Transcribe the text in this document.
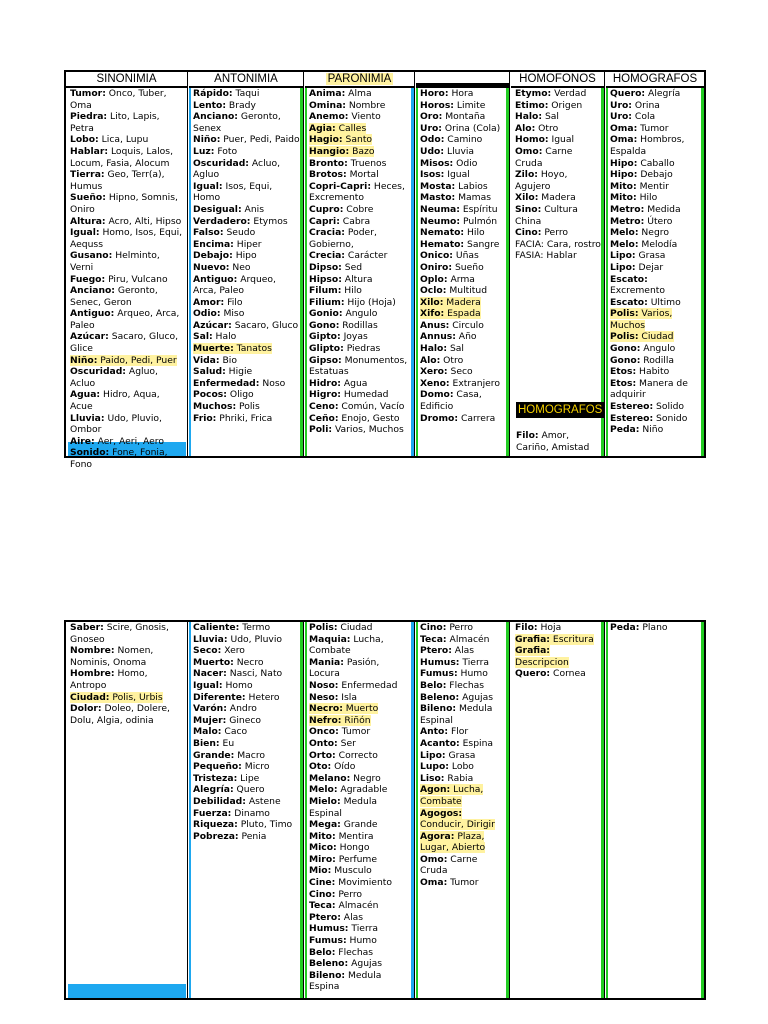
SINONIMIA
Tumor: Onco, Tuber, Oma
Piedra: Lito, Lapis, Petra
Lobo: Lica, Lupu
Hablar: Loquis, Lalos, Locum, Fasia, Alocum
Tierra: Geo, Terr(a), Humus
Sueño: Hipno, Somnis, Oniro
Altura: Acro, Alti, Hipso
Igual: Homo, Isos, Equi, Aequss
Gusano: Helminto, Verni
Fuego: Piru, Vulcano
Anciano: Geronto, Senec, Geron
Antiguo: Arqueo, Arca, Paleo
Azúcar: Sacaro, Gluco, Glice
Niño: Paido, Pedi, Puer
Oscuridad: Agluo, Acluo
Agua: Hidro, Aqua, Acue
Lluvia: Udo, Pluvio, Ombor
Aire: Aer, Aeri, Aero
Sonido: Fone, Fonia, Fono
ANTONIMIA
Rápido: Taqui
Lento: Brady
Anciano: Geronto, Senex
Niño: Puer, Pedi, Paido
Luz: Foto
Oscuridad: Acluo, Agluo
Igual: Isos, Equi, Homo
Desigual: Anis
Verdadero: Etymos
Falso: Seudo
Encima: Hiper
Debajo: Hipo
Nuevo: Neo
Antiguo: Arqueo, Arca, Paleo
Amor: Filo
Odio: Miso
Azúcar: Sacaro, Gluco
Sal: Halo
Muerte: Tanatos
Vida: Bio
Salud: Higie
Enfermedad: Noso
Pocos: Oligo
Muchos: Polis
Frio: Phriki, Frica
PARONIMIA
Anima: Alma
Omina: Nombre
Anemo: Viento
Agia: Calles
Hagio: Santo
Hangio: Bazo
Bronto: Truenos
Brotos: Mortal
Copri-Capri: Heces, Excremento
Cupro: Cobre
Capri: Cabra
Cracia: Poder, Gobierno,
Crecia: Carácter
Dipso: Sed
Hipso: Altura
Filum: Hilo
Filium: Hijo (Hoja)
Gonio: Angulo
Gono: Rodillas
Gipto: Joyas
Glipto: Piedras
Gipso: Monumentos, Estatuas
Hidro: Agua
Higro: Humedad
Ceno: Común, Vacío
Ceño: Enojo, Gesto
Poli: Varios, Muchos
Horo: Hora
Horos: Limite
Oro: Montaña
Uro: Orina (Cola)
Odo: Camino
Udo: Lluvia
Misos: Odio
Isos: Igual
Mosta: Labios
Masto: Mamas
Neuma: Espíritu
Neumo: Pulmón
Nemato: Hilo
Hemato: Sangre
Onico: Uñas
Oniro: Sueño
Oplo: Arma
Oclo: Multitud
Xilo: Madera
Xifo: Espada
Anus: Circulo
Annus: Año
Halo: Sal
Alo: Otro
Xero: Seco
Xeno: Extranjero
Domo: Casa, Edificio
Dromo: Carrera
HOMOFONOS
Etymo: Verdad
Etimo: Origen
Halo: Sal
Alo: Otro
Homo: Igual
Omo: Carne Cruda
Zilo: Hoyo, Agujero
Xilo: Madera
Sino: Cultura China
Cino: Perro
FACIA: Cara, rostro
FASIA: Hablar
HOMOGRAFOS
Filo: Amor, Cariño, Amistad
HOMOGRAFOS
Quero: Alegría
Uro: Orina
Uro: Cola
Oma: Tumor
Oma: Hombros, Espalda
Hipo: Caballo
Hipo: Debajo
Mito: Mentir
Mito: Hilo
Metro: Medida
Metro: Útero
Melo: Negro
Melo: Melodía
Lipo: Grasa
Lipo: Dejar
Escato: Excremento
Escato: Ultimo
Polis: Varios, Muchos
Polis: Ciudad
Gono: Angulo
Gono: Rodilla
Etos: Habito
Etos: Manera de adquirir
Estereo: Solido
Estereo: Sonido
Peda: Niño
Saber: Scire, Gnosis, Gnoseo
Nombre: Nomen, Nominis, Onoma
Hombre: Homo, Antropo
Ciudad: Polis, Urbis
Dolor: Doleo, Dolere, Dolu, Algia, odinia
Caliente: Termo
Lluvia: Udo, Pluvio
Seco: Xero
Muerto: Necro
Nacer: Nasci, Nato
Igual: Homo
Diferente: Hetero
Varón: Andro
Mujer: Gineco
Malo: Caco
Bien: Eu
Grande: Macro
Pequeño: Micro
Tristeza: Lipe
Alegría: Quero
Debilidad: Astene
Fuerza: Dinamo
Riqueza: Pluto, Timo
Pobreza: Penia
Polis: Ciudad
Maquia: Lucha, Combate
Mania: Pasión, Locura
Noso: Enfermedad
Neso: Isla
Necro: Muerto
Nefro: Riñón
Onco: Tumor
Onto: Ser
Orto: Correcto
Oto: Oído
Melano: Negro
Melo: Agradable
Mielo: Medula Espinal
Mega: Grande
Mito: Mentira
Mico: Hongo
Miro: Perfume
Mio: Musculo
Cine: Movimiento
Cino: Perro
Teca: Almacén
Ptero: Alas
Humus: Tierra
Fumus: Humo
Belo: Flechas
Beleno: Agujas
Bileno: Medula Espina
Cino: Perro
Teca: Almacén
Ptero: Alas
Humus: Tierra
Fumus: Humo
Belo: Flechas
Beleno: Agujas
Bileno: Medula Espinal
Anto: Flor
Acanto: Espina
Lipo: Grasa
Lupo: Lobo
Liso: Rabia
Agon: Lucha, Combate
Agogos: Conducir, Dirigir
Agora: Plaza, Lugar, Abierto
Omo: Carne Cruda
Oma: Tumor
Filo: Hoja
Grafia: Escritura
Grafia: Descripcion
Quero: Cornea
Peda: Plano
